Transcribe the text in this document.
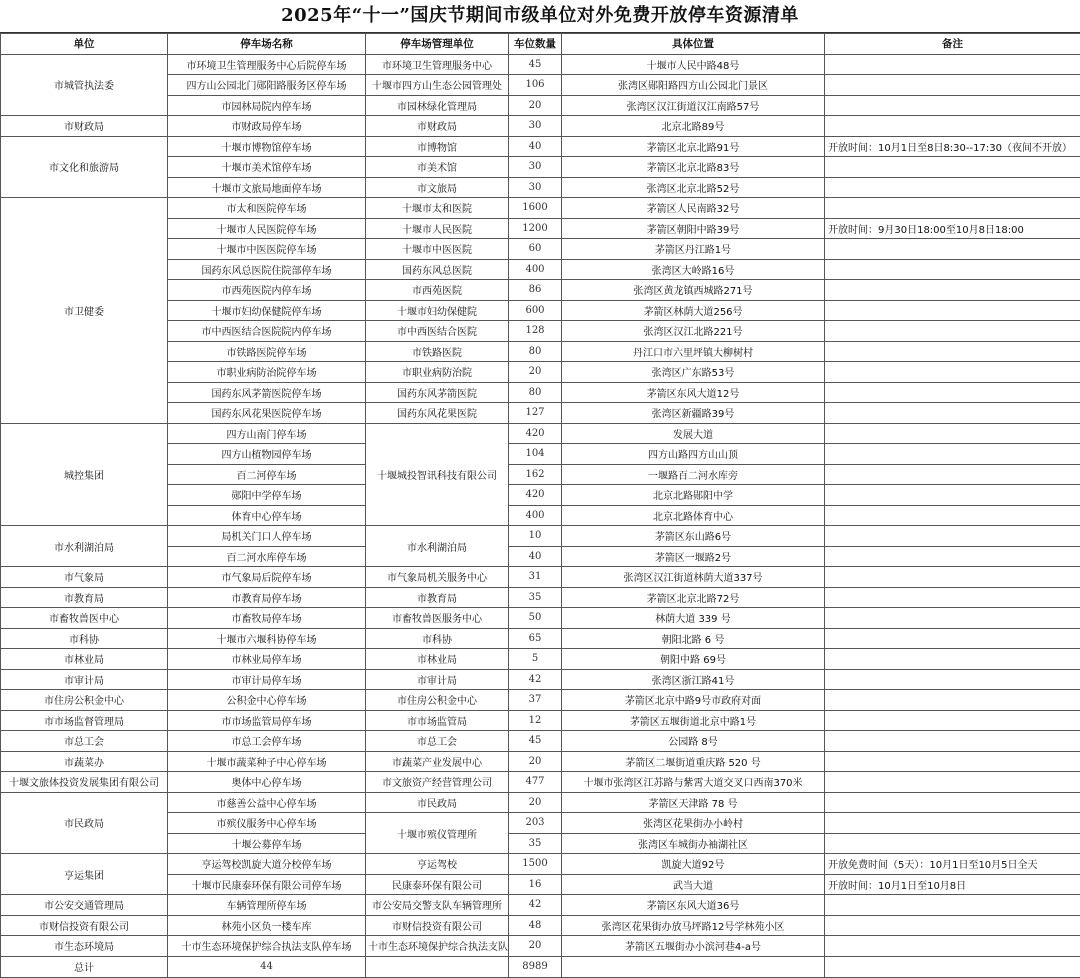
2025年“十一”国庆节期间市级单位对外免费开放停车资源清单
单位	停车场名称	停车场管理单位	车位数量	具体位置	备注
市城管执法委	市环境卫生管理服务中心后院停车场	市环境卫生管理服务中心	45	十堰市人民中路48号	
	四方山公园北门郧阳路服务区停车场	十堰市四方山生态公园管理处	106	张湾区郧阳路四方山公园北门景区	
	市园林局院内停车场	市园林绿化管理局	20	张湾区汉江街道汉江南路57号	
市财政局	市财政局停车场	市财政局	30	北京北路89号	
市文化和旅游局	十堰市博物馆停车场	市博物馆	40	茅箭区北京北路91号	开放时间：10月1日至8日8:30--17:30（夜间不开放）
	十堰市美术馆停车场	市美术馆	30	茅箭区北京北路83号	
	十堰市文旅局地面停车场	市文旅局	30	张湾区北京北路52号	
市卫健委	市太和医院停车场	十堰市太和医院	1600	茅箭区人民南路32号	
	十堰市人民医院停车场	十堰市人民医院	1200	茅箭区朝阳中路39号	开放时间：9月30日18:00至10月8日18:00
	十堰市中医医院停车场	十堰市中医医院	60	茅箭区丹江路1号	
	国药东风总医院住院部停车场	国药东风总医院	400	张湾区大岭路16号	
	市西苑医院内停车场	市西苑医院	86	张湾区黄龙镇西城路271号	
	十堰市妇幼保健院停车场	十堰市妇幼保健院	600	茅箭区林荫大道256号	
	市中西医结合医院院内停车场	市中西医结合医院	128	张湾区汉江北路221号	
	市铁路医院停车场	市铁路医院	80	丹江口市六里坪镇大柳树村	
	市职业病防治院停车场	市职业病防治院	20	张湾区广东路53号	
	国药东风茅箭医院停车场	国药东风茅箭医院	80	茅箭区东风大道12号	
	国药东风花果医院停车场	国药东风花果医院	127	张湾区新疆路39号	
城控集团	四方山南门停车场	十堰城投智讯科技有限公司	420	发展大道	
	四方山植物园停车场		104	四方山路四方山山顶	
	百二河停车场		162	一堰路百二河水库旁	
	郧阳中学停车场		420	北京北路郧阳中学	
	体育中心停车场		400	北京北路体育中心	
市水利湖泊局	局机关门口人停车场	市水利湖泊局	10	茅箭区东山路6号	
	百二河水库停车场		40	茅箭区一堰路2号	
市气象局	市气象局后院停车场	市气象局机关服务中心	31	张湾区汉江街道林荫大道337号	
市教育局	市教育局停车场	市教育局	35	茅箭区北京北路72号	
市畜牧兽医中心	市畜牧局停车场	市畜牧兽医服务中心	50	林荫大道 339 号	
市科协	十堰市六堰科协停车场	市科协	65	朝阳北路 6 号	
市林业局	市林业局停车场	市林业局	5	朝阳中路 69号	
市审计局	市审计局停车场	市审计局	42	张湾区浙江路41号	
市住房公积金中心	公积金中心停车场	市住房公积金中心	37	茅箭区北京中路9号市政府对面	
市市场监督管理局	市市场监管局停车场	市市场监管局	12	茅箭区五堰街道北京中路1号	
市总工会	市总工会停车场	市总工会	45	公园路 8号	
市蔬菜办	十堰市蔬菜种子中心停车场	市蔬菜产业发展中心	20	茅箭区二堰街道重庆路 520 号	
十堰文旅体投资发展集团有限公司	奥体中心停车场	市文旅资产经营管理公司	477	十堰市张湾区江苏路与紫霄大道交叉口西南370米	
市民政局	市慈善公益中心停车场	市民政局	20	茅箭区天津路 78 号	
	市殡仪服务中心停车场	十堰市殡仪管理所	203	张湾区花果街办小岭村	
	十堰公募停车场		35	张湾区车城街办袖湖社区	
亨运集团	亨运驾校凯旋大道分校停车场	亨运驾校	1500	凯旋大道92号	开放免费时间（5天）：10月1日至10月5日全天
	十堰市民康泰环保有限公司停车场	民康泰环保有限公司	16	武当大道	开放时间：10月1日至10月8日
市公安交通管理局	车辆管理所停车场	市公安局交警支队车辆管理所	42	茅箭区东风大道36号	
市财信投资有限公司	林苑小区负一楼车库	市财信投资有限公司	48	张湾区花果街办放马坪路12号学林苑小区	
市生态环境局	十市生态环境保护综合执法支队停车场	十市生态环境保护综合执法支队	20	茅箭区五堰街办小滨河巷4-a号	
总计	44		8989		
